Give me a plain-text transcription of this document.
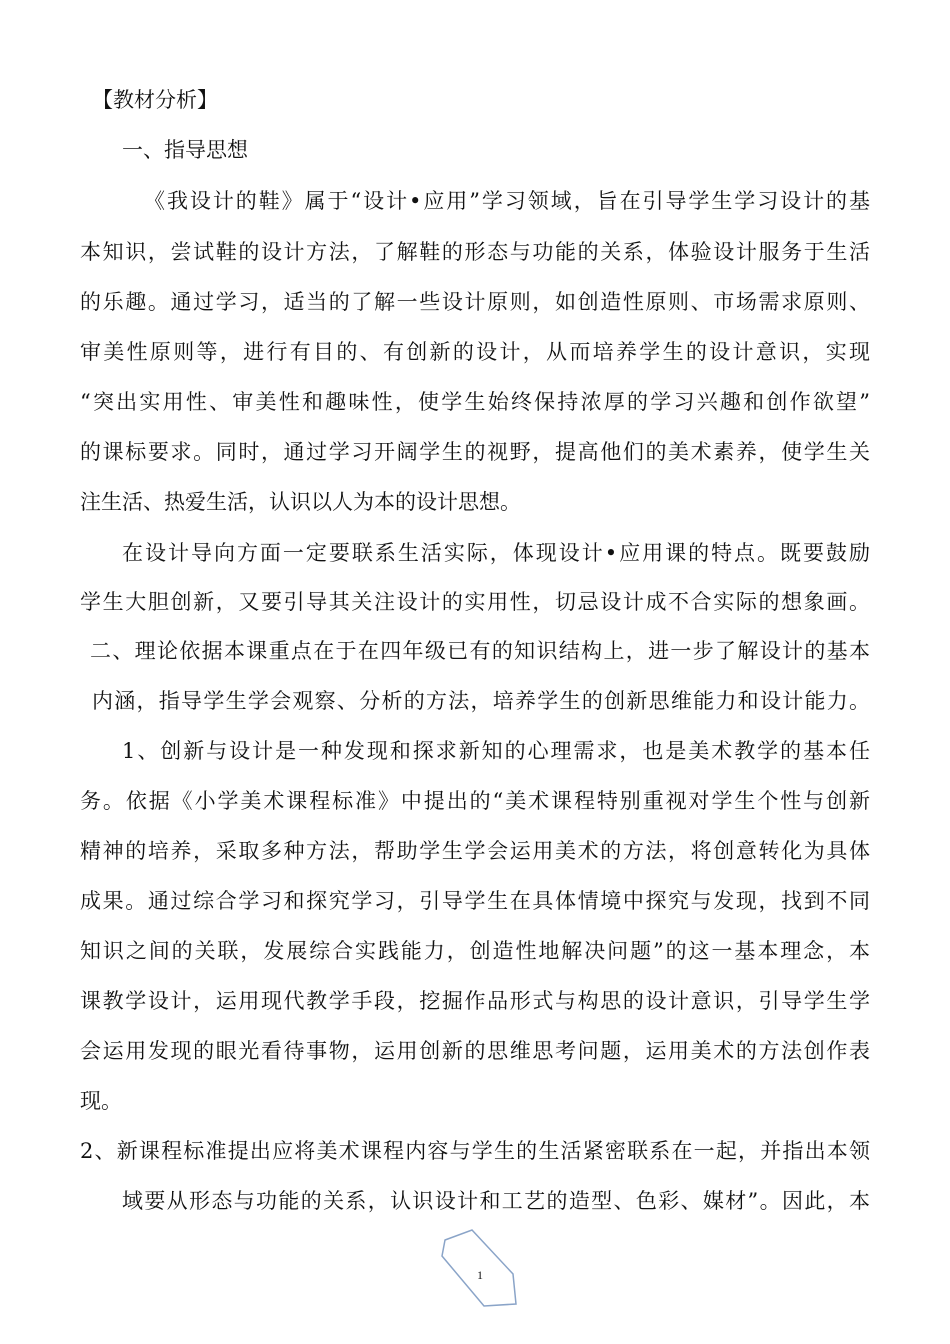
【教材分析】
一、指导思想
《我设计的鞋》属于“设计•应用”学习领域，旨在引导学生学习设计的基
本知识，尝试鞋的设计方法，了解鞋的形态与功能的关系，体验设计服务于生活
的乐趣。通过学习，适当的了解一些设计原则，如创造性原则、市场需求原则、
审美性原则等，进行有目的、有创新的设计，从而培养学生的设计意识，实现
“突出实用性、审美性和趣味性，使学生始终保持浓厚的学习兴趣和创作欲望”
的课标要求。同时，通过学习开阔学生的视野，提高他们的美术素养，使学生关
注生活、热爱生活，认识以人为本的设计思想。
在设计导向方面一定要联系生活实际，体现设计•应用课的特点。既要鼓励
学生大胆创新，又要引导其关注设计的实用性，切忌设计成不合实际的想象画。
二、理论依据本课重点在于在四年级已有的知识结构上，进一步了解设计的基本
内涵，指导学生学会观察、分析的方法，培养学生的创新思维能力和设计能力。
1、创新与设计是一种发现和探求新知的心理需求，也是美术教学的基本任
务。依据《小学美术课程标准》中提出的“美术课程特别重视对学生个性与创新
精神的培养，采取多种方法，帮助学生学会运用美术的方法，将创意转化为具体
成果。通过综合学习和探究学习，引导学生在具体情境中探究与发现，找到不同
知识之间的关联，发展综合实践能力，创造性地解决问题”的这一基本理念，本
课教学设计，运用现代教学手段，挖掘作品形式与构思的设计意识，引导学生学
会运用发现的眼光看待事物，运用创新的思维思考问题，运用美术的方法创作表
现。
2、新课程标准提出应将美术课程内容与学生的生活紧密联系在一起，并指出本领
域要从形态与功能的关系，认识设计和工艺的造型、色彩、媒材”。因此，本
1
